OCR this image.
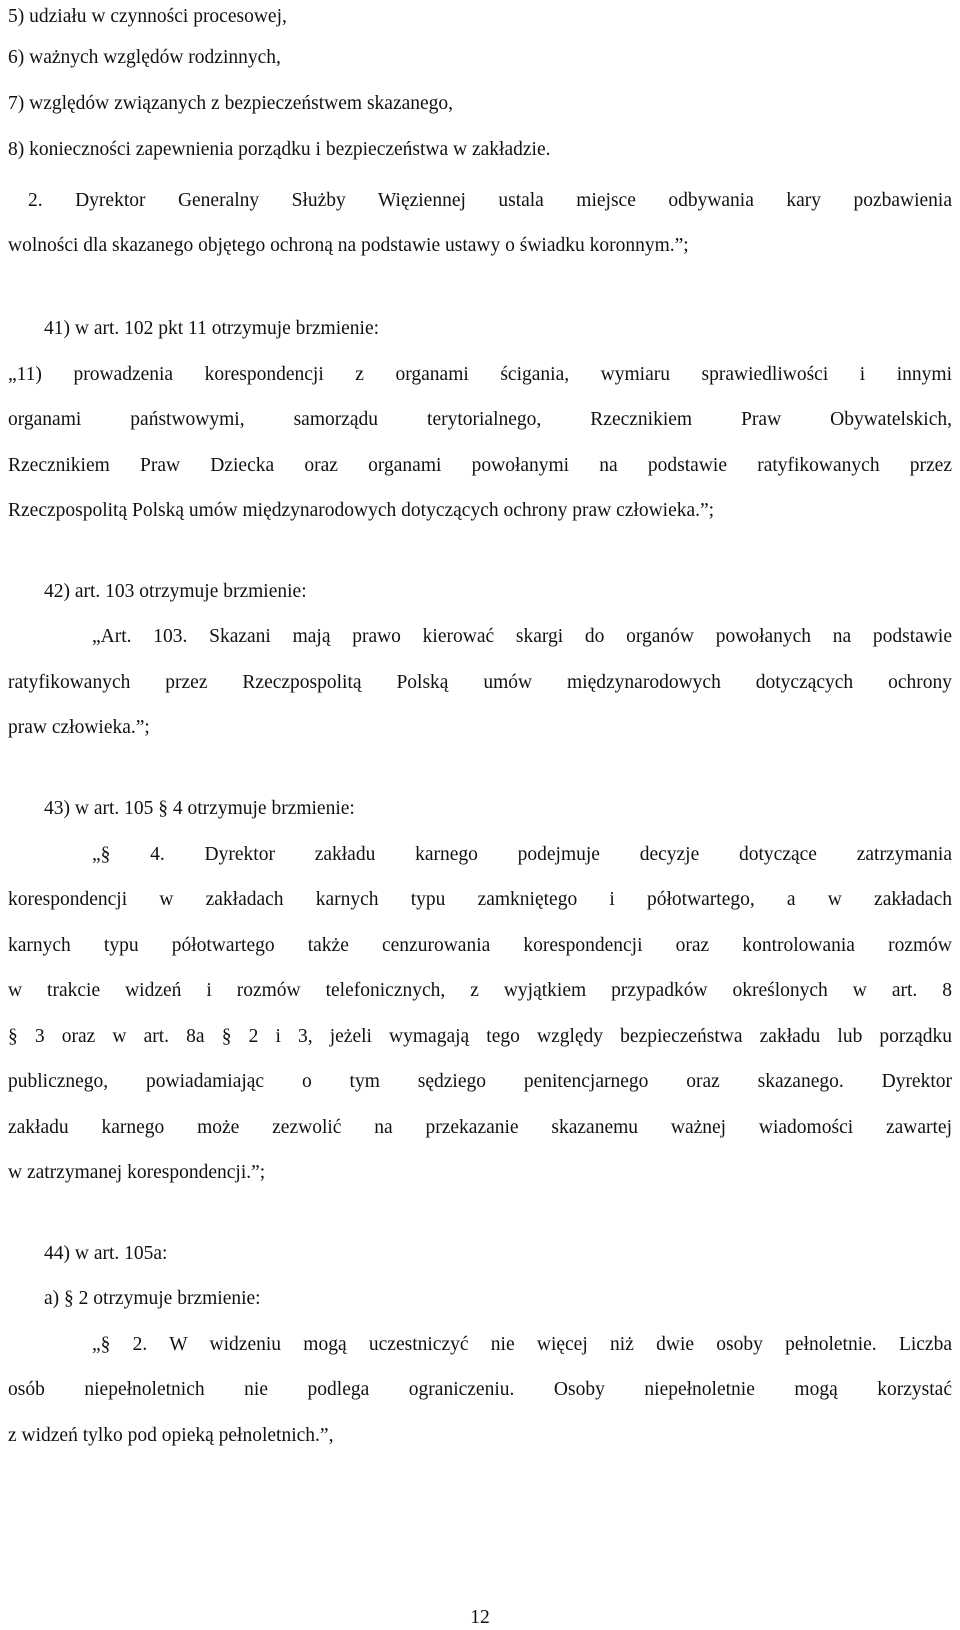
5) udziału w czynności procesowej,
6) ważnych względów rodzinnych,
7) względów związanych z bezpieczeństwem skazanego,
8) konieczności zapewnienia porządku i bezpieczeństwa w zakładzie.
2. Dyrektor Generalny Służby Więziennej ustala miejsce odbywania kary pozbawienia
wolności dla skazanego objętego ochroną na podstawie ustawy o świadku koronnym.”;
41) w art. 102 pkt 11 otrzymuje brzmienie:
„11) prowadzenia korespondencji z organami ścigania, wymiaru sprawiedliwości i innymi
organami państwowymi, samorządu terytorialnego, Rzecznikiem Praw Obywatelskich,
Rzecznikiem Praw Dziecka oraz organami powołanymi na podstawie ratyfikowanych przez
Rzeczpospolitą Polską umów międzynarodowych dotyczących ochrony praw człowieka.”;
42) art. 103 otrzymuje brzmienie:
„Art. 103. Skazani mają prawo kierować skargi do organów powołanych na podstawie
ratyfikowanych przez Rzeczpospolitą Polską umów międzynarodowych dotyczących ochrony
praw człowieka.”;
43) w art. 105 § 4 otrzymuje brzmienie:
„§ 4. Dyrektor zakładu karnego podejmuje decyzje dotyczące zatrzymania
korespondencji w zakładach karnych typu zamkniętego i półotwartego, a w zakładach
karnych typu półotwartego także cenzurowania korespondencji oraz kontrolowania rozmów
w trakcie widzeń i rozmów telefonicznych, z wyjątkiem przypadków określonych w art. 8
§ 3 oraz w art. 8a § 2 i 3, jeżeli wymagają tego względy bezpieczeństwa zakładu lub porządku
publicznego, powiadamiając o tym sędziego penitencjarnego oraz skazanego. Dyrektor
zakładu karnego może zezwolić na przekazanie skazanemu ważnej wiadomości zawartej
w zatrzymanej korespondencji.”;
44) w art. 105a:
a) § 2 otrzymuje brzmienie:
„§ 2. W widzeniu mogą uczestniczyć nie więcej niż dwie osoby pełnoletnie. Liczba
osób niepełnoletnich nie podlega ograniczeniu. Osoby niepełnoletnie mogą korzystać
z widzeń tylko pod opieką pełnoletnich.”,
12
